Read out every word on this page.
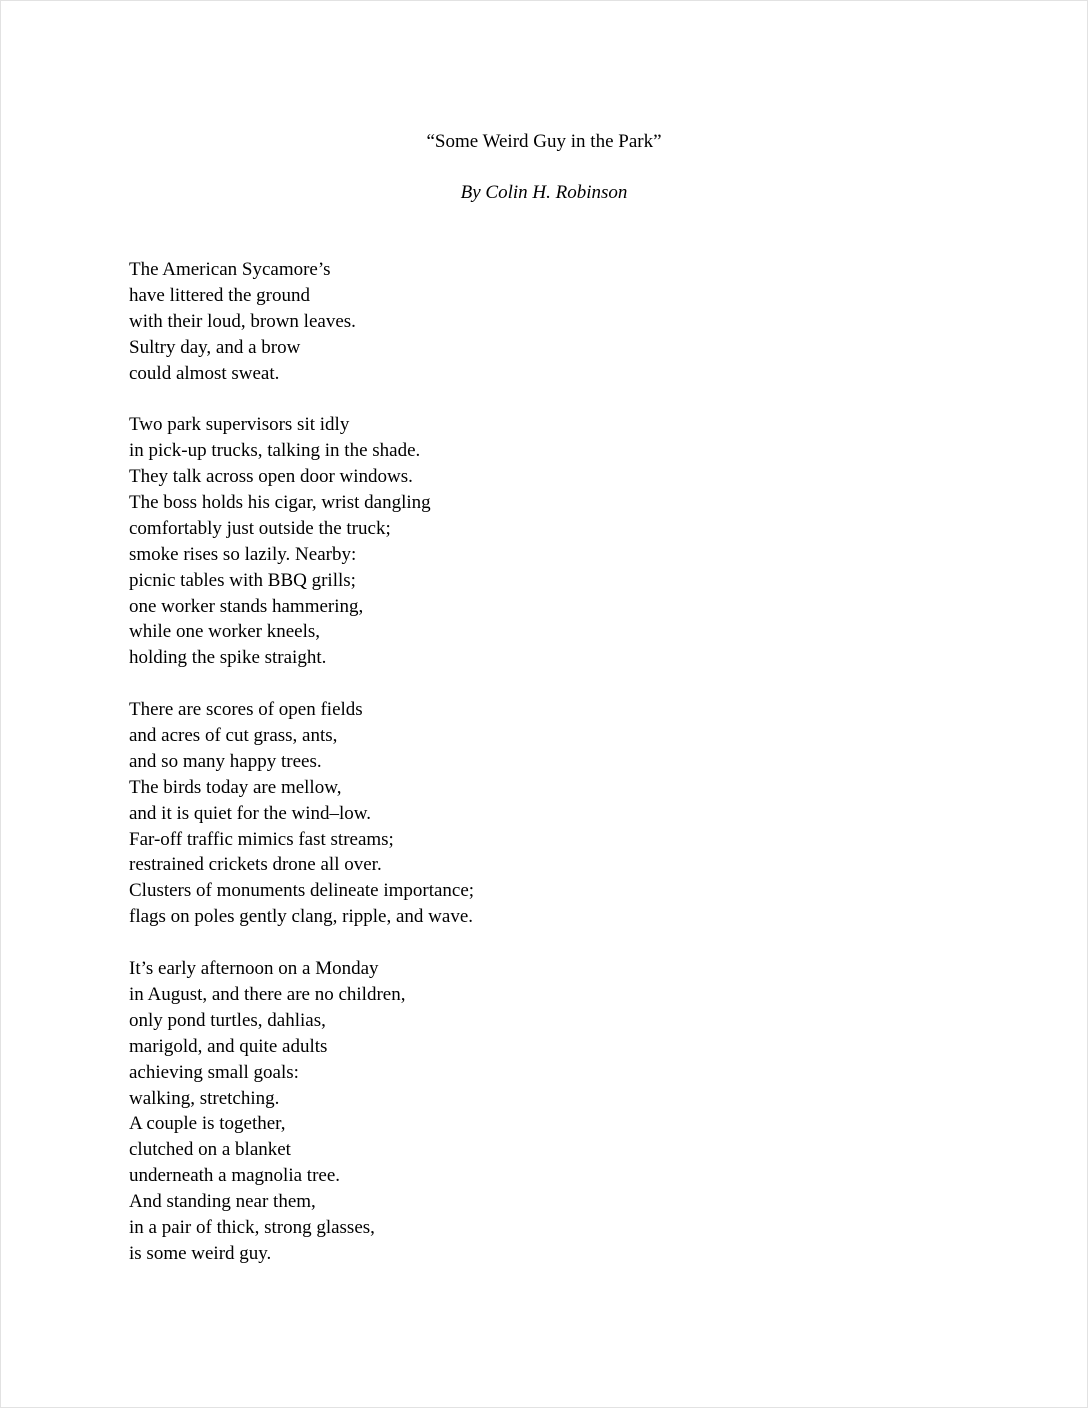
“Some Weird Guy in the Park”
By Colin H. Robinson
The American Sycamore’s
have littered the ground
with their loud, brown leaves.
Sultry day, and a brow
could almost sweat.
Two park supervisors sit idly
in pick-up trucks, talking in the shade.
They talk across open door windows.
The boss holds his cigar, wrist dangling
comfortably just outside the truck;
smoke rises so lazily. Nearby:
picnic tables with BBQ grills;
one worker stands hammering,
while one worker kneels,
holding the spike straight.
There are scores of open fields
and acres of cut grass, ants,
and so many happy trees.
The birds today are mellow,
and it is quiet for the wind–low.
Far-off traffic mimics fast streams;
restrained crickets drone all over.
Clusters of monuments delineate importance;
flags on poles gently clang, ripple, and wave.
It’s early afternoon on a Monday
in August, and there are no children,
only pond turtles, dahlias,
marigold, and quite adults
achieving small goals:
walking, stretching.
A couple is together,
clutched on a blanket
underneath a magnolia tree.
And standing near them,
in a pair of thick, strong glasses,
is some weird guy.
